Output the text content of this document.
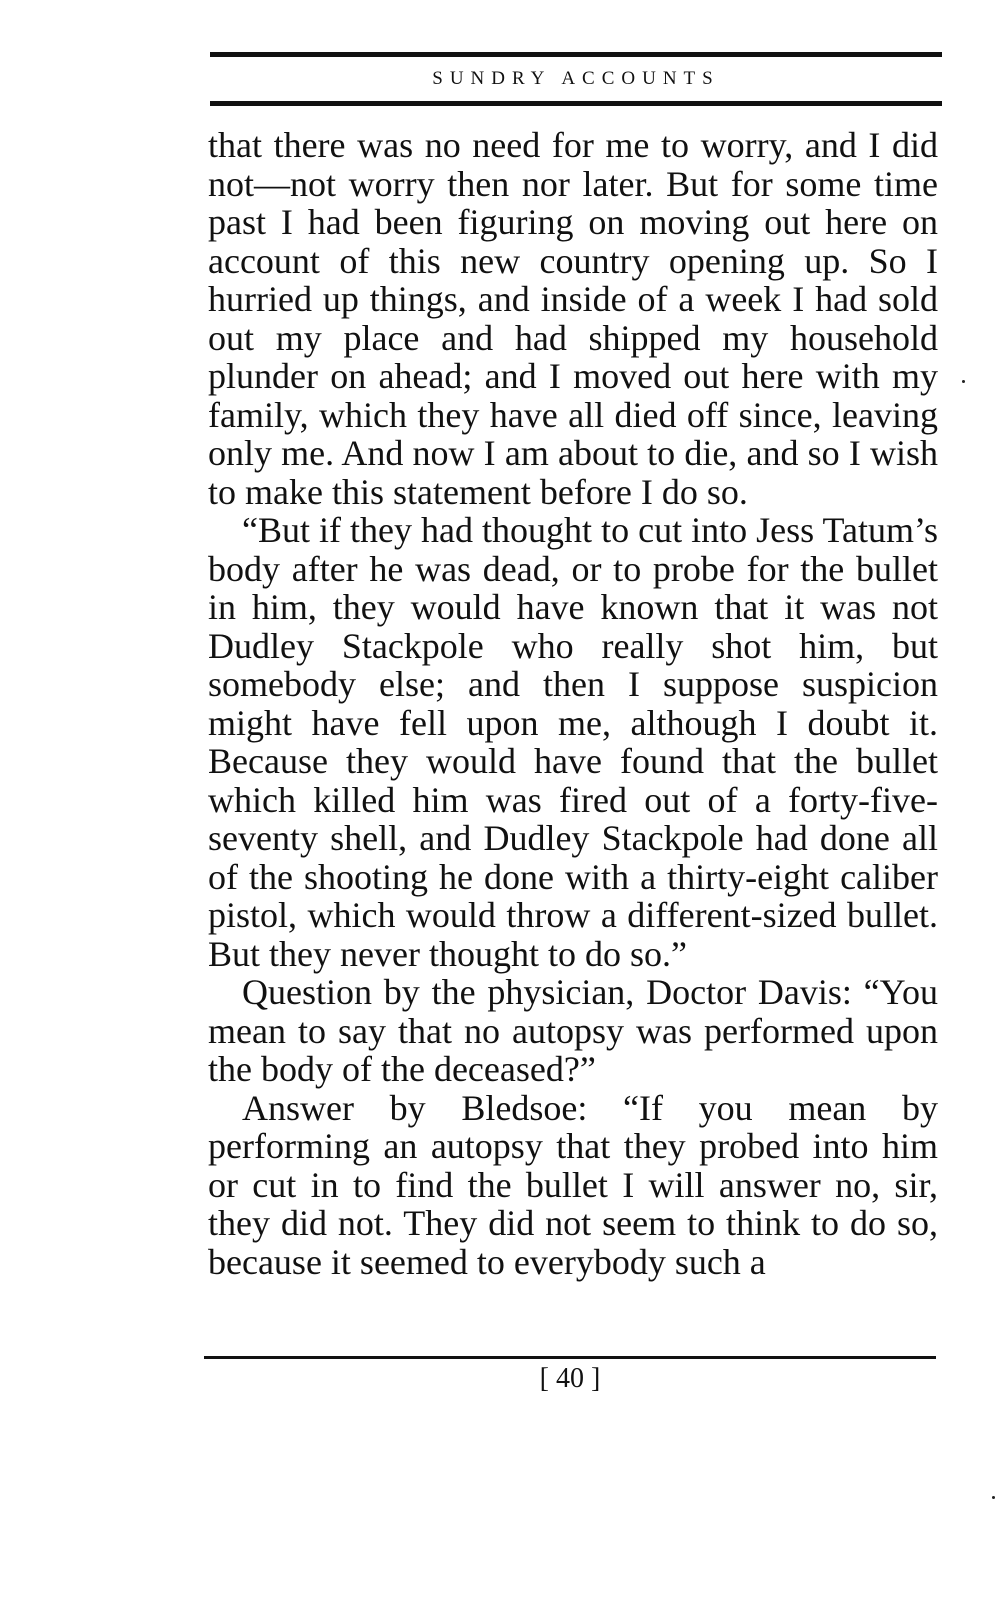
SUNDRY ACCOUNTS

that there was no need for me to worry, and I did not—not worry then nor later. But for some time past I had been figuring on moving out here on account of this new country opening up. So I hurried up things, and inside of a week I had sold out my place and had shipped my household plunder on ahead; and I moved out here with my family, which they have all died off since, leaving only me. And now I am about to die, and so I wish to make this statement before I do so.

“But if they had thought to cut into Jess Tatum’s body after he was dead, or to probe for the bullet in him, they would have known that it was not Dudley Stackpole who really shot him, but somebody else; and then I suppose suspicion might have fell upon me, although I doubt it. Because they would have found that the bullet which killed him was fired out of a forty-five-seventy shell, and Dudley Stackpole had done all of the shooting he done with a thirty-eight caliber pistol, which would throw a different-sized bullet. But they never thought to do so.”

Question by the physician, Doctor Davis: “You mean to say that no autopsy was performed upon the body of the deceased?”

Answer by Bledsoe: “If you mean by performing an autopsy that they probed into him or cut in to find the bullet I will answer no, sir, they did not. They did not seem to think to do so, because it seemed to everybody such a

[ 40 ]
